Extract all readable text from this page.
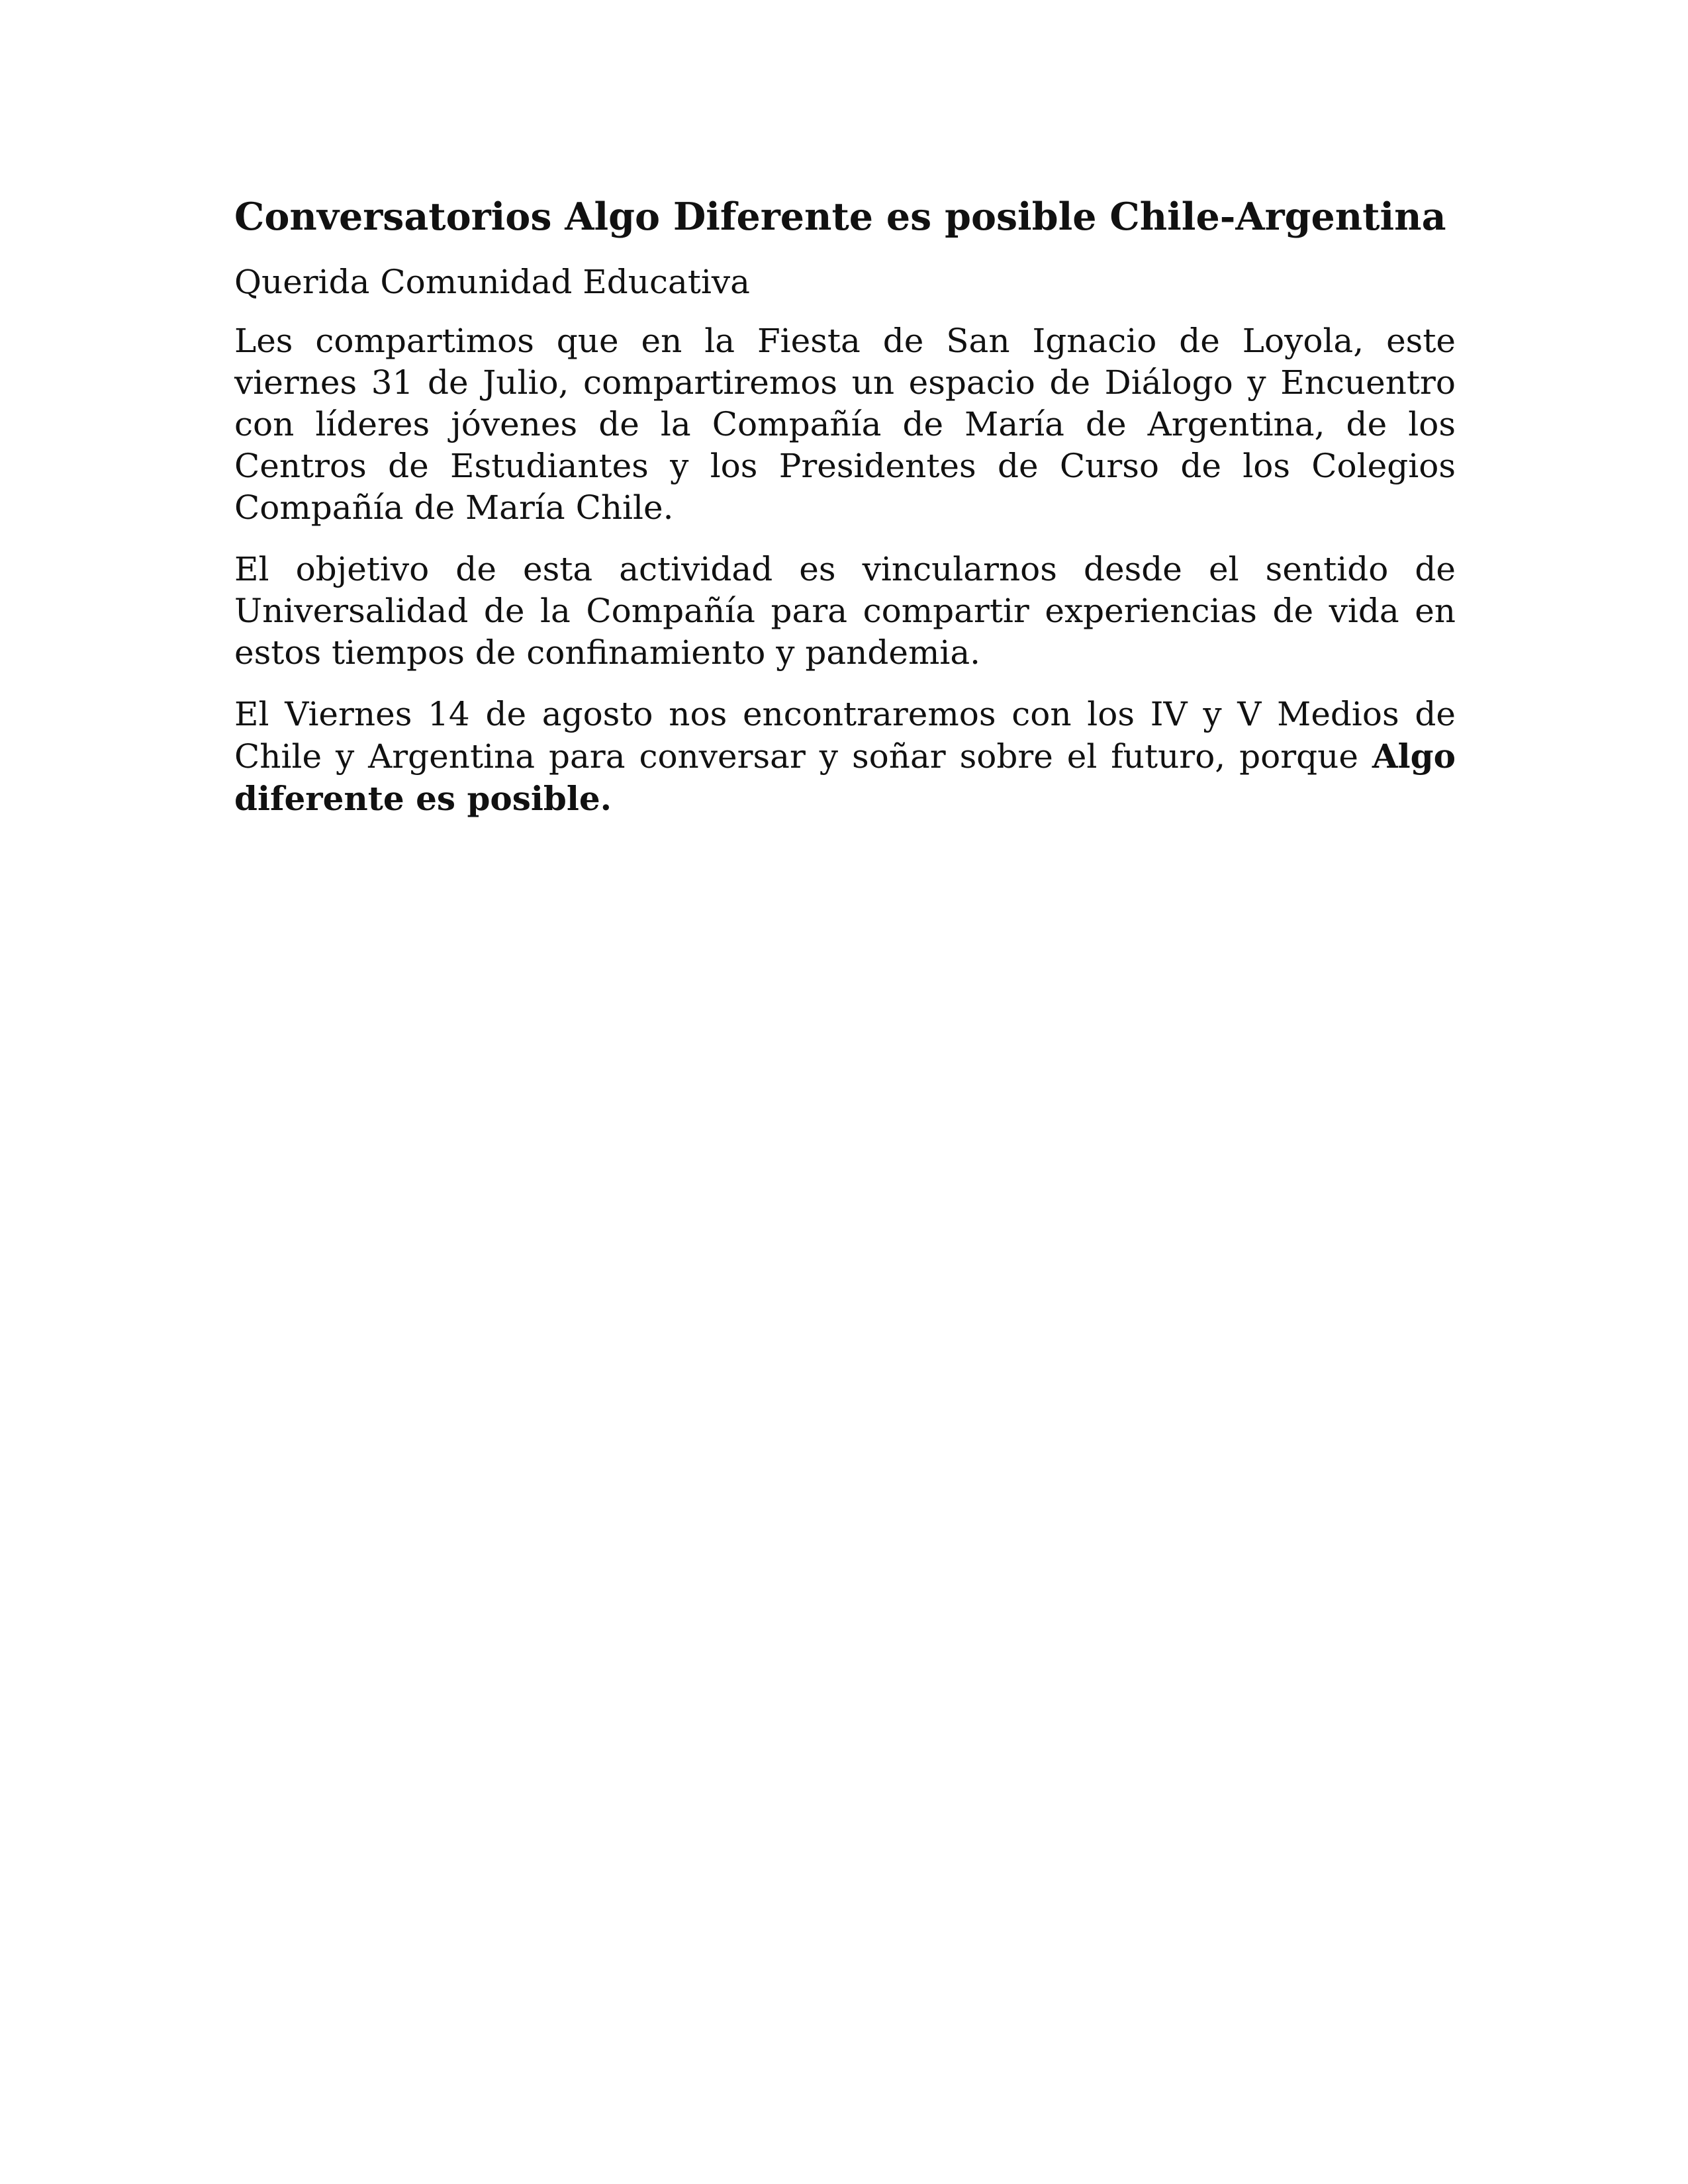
Conversatorios Algo Diferente es posible Chile-Argentina

Querida Comunidad Educativa

Les compartimos que en la Fiesta de San Ignacio de Loyola, este viernes 31 de Julio, compartiremos un espacio de Diálogo y Encuentro con líderes jóvenes de la Compañía de María de Argentina, de los Centros de Estudiantes y los Presidentes de Curso de los Colegios Compañía de María Chile.

El objetivo de esta actividad es vincularnos desde el sentido de Universalidad de la Compañía para compartir experiencias de vida en estos tiempos de confinamiento y pandemia.

El Viernes 14 de agosto nos encontraremos con los IV y V Medios de Chile y Argentina para conversar y soñar sobre el futuro, porque Algo diferente es posible.
